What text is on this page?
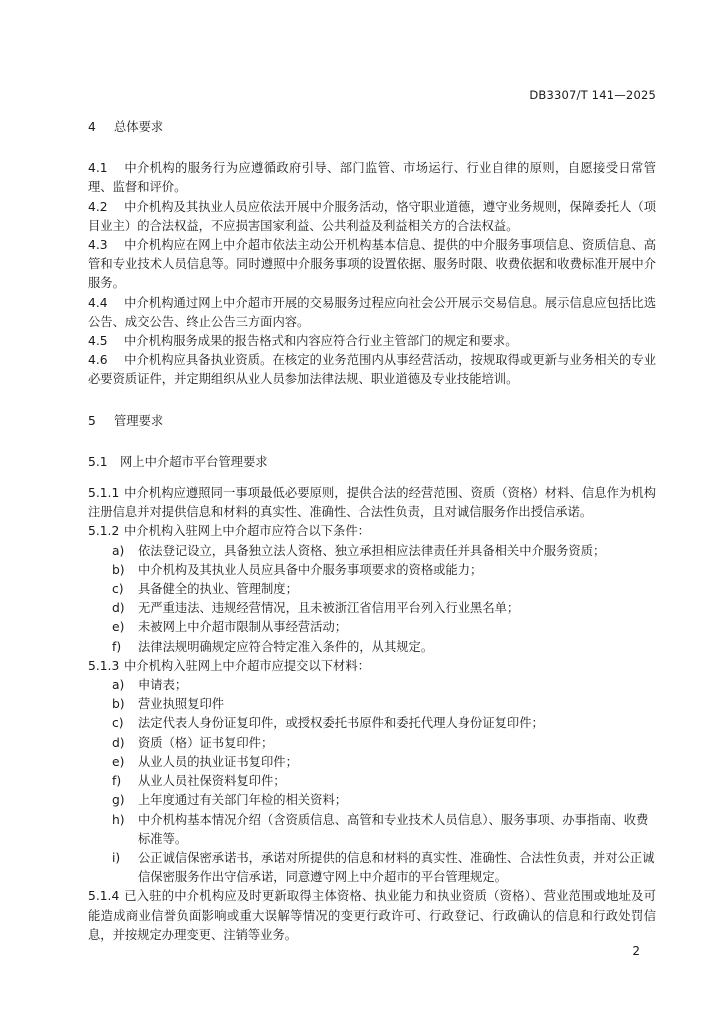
DB3307/T 141—2025
4 总体要求

4.1 中介机构的服务行为应遵循政府引导、部门监管、市场运行、行业自律的原则，自愿接受日常管理、监督和评价。

4.2 中介机构及其执业人员应依法开展中介服务活动，恪守职业道德，遵守业务规则，保障委托人（项目业主）的合法权益，不应损害国家利益、公共利益及利益相关方的合法权益。

4.3 中介机构应在网上中介超市依法主动公开机构基本信息、提供的中介服务事项信息、资质信息、高管和专业技术人员信息等。同时遵照中介服务事项的设置依据、服务时限、收费依据和收费标准开展中介服务。

4.4 中介机构通过网上中介超市开展的交易服务过程应向社会公开展示交易信息。展示信息应包括比选公告、成交公告、终止公告三方面内容。

4.5 中介机构服务成果的报告格式和内容应符合行业主管部门的规定和要求。

4.6 中介机构应具备执业资质。在核定的业务范围内从事经营活动，按规取得或更新与业务相关的专业必要资质证件，并定期组织从业人员参加法律法规、职业道德及专业技能培训。

5 管理要求
5.1 网上中介超市平台管理要求

5.1.1 中介机构应遵照同一事项最低必要原则，提供合法的经营范围、资质（资格）材料、信息作为机构注册信息并对提供信息和材料的真实性、准确性、合法性负责，且对诚信服务作出授信承诺。

5.1.2 中介机构入驻网上中介超市应符合以下条件：

a)	依法登记设立，具备独立法人资格、独立承担相应法律责任并具备相关中介服务资质；
b)	中介机构及其执业人员应具备中介服务事项要求的资格或能力；
c)	具备健全的执业、管理制度；
d)	无严重违法、违规经营情况，且未被浙江省信用平台列入行业黑名单；
e)	未被网上中介超市限制从事经营活动；
f)	法律法规明确规定应符合特定准入条件的，从其规定。

5.1.3 中介机构入驻网上中介超市应提交以下材料：

a)	申请表；
b)	营业执照复印件
c)	法定代表人身份证复印件，或授权委托书原件和委托代理人身份证复印件；
d)	资质（格）证书复印件；
e)	从业人员的执业证书复印件；
f)	从业人员社保资料复印件；
g)	上年度通过有关部门年检的相关资料；
h)	中介机构基本情况介绍（含资质信息、高管和专业技术人员信息）、服务事项、办事指南、收费标准等。
i)	公正诚信保密承诺书，承诺对所提供的信息和材料的真实性、准确性、合法性负责，并对公正诚信保密服务作出守信承诺，同意遵守网上中介超市的平台管理规定。

5.1.4 已入驻的中介机构应及时更新取得主体资格、执业能力和执业资质（资格）、营业范围或地址及可能造成商业信誉负面影响或重大误解等情况的变更行政许可、行政登记、行政确认的信息和行政处罚信息，并按规定办理变更、注销等业务。

2
